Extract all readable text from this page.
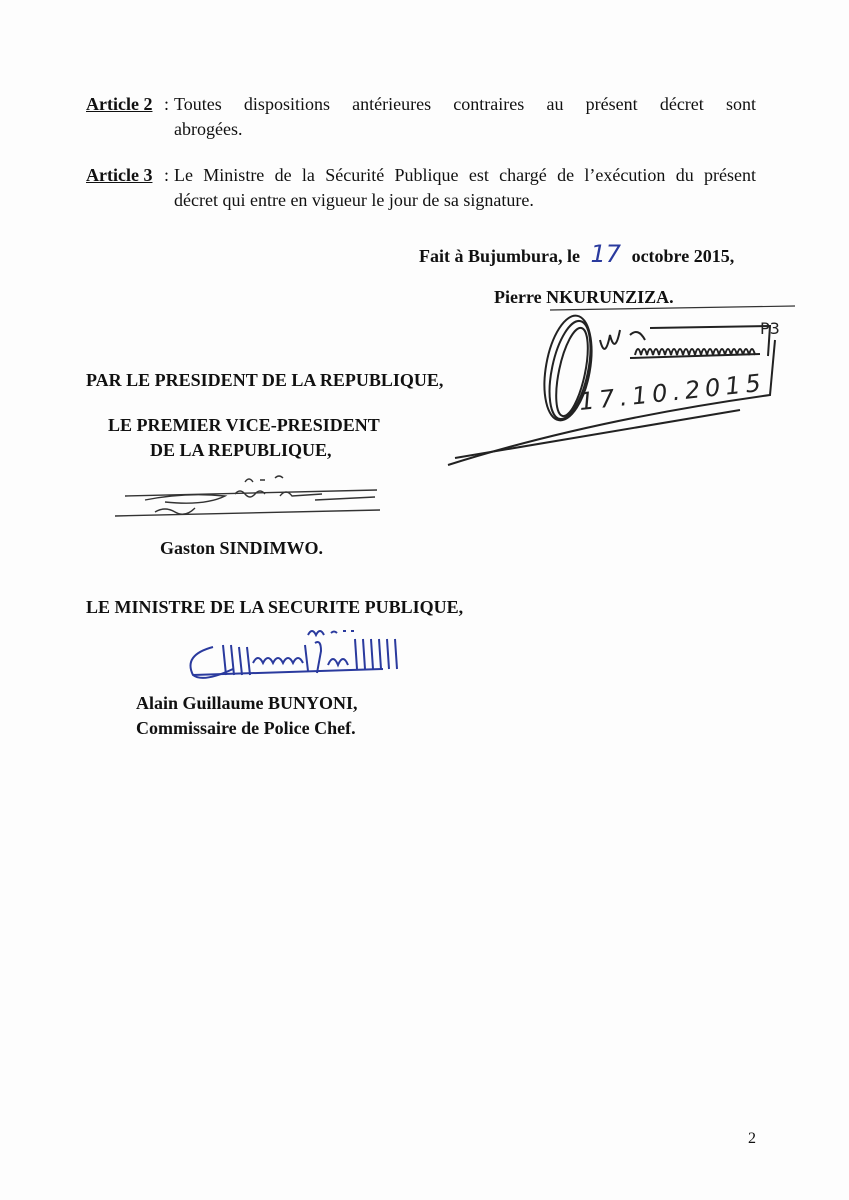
Article 2 : Toutes dispositions antérieures contraires au présent décret sont
abrogées.
Article 3 : Le Ministre de la Sécurité Publique est chargé de l’exécution du présent
décret qui entre en vigueur le jour de sa signature.
Fait à Bujumbura, le 17 octobre 2015,
Pierre NKURUNZIZA.
P3
17.10.2015
PAR LE PRESIDENT DE LA REPUBLIQUE,
LE PREMIER VICE-PRESIDENT
DE LA REPUBLIQUE,
Gaston SINDIMWO.
LE MINISTRE DE LA SECURITE PUBLIQUE,
Alain Guillaume BUNYONI,
Commissaire de Police Chef.
2
